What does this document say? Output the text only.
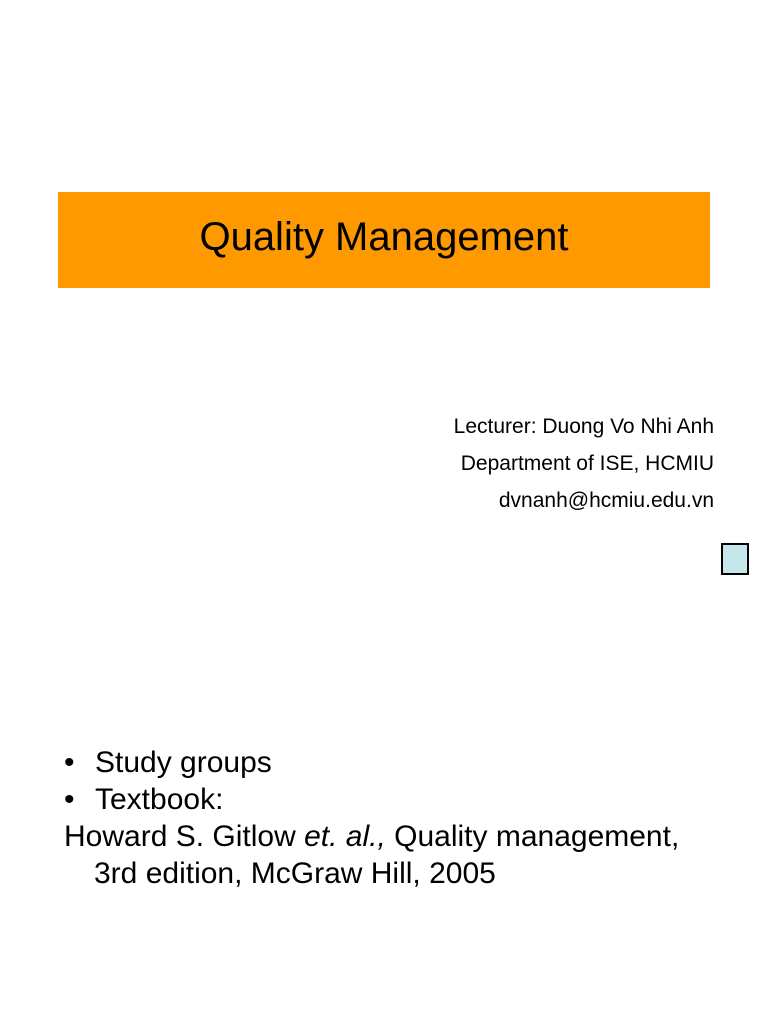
Quality Management
Lecturer: Duong Vo Nhi Anh
Department of ISE, HCMIU
dvnanh@hcmiu.edu.vn
• Study groups
• Textbook:

Howard S. Gitlow et. al., Quality management, 3rd edition, McGraw Hill, 2005
